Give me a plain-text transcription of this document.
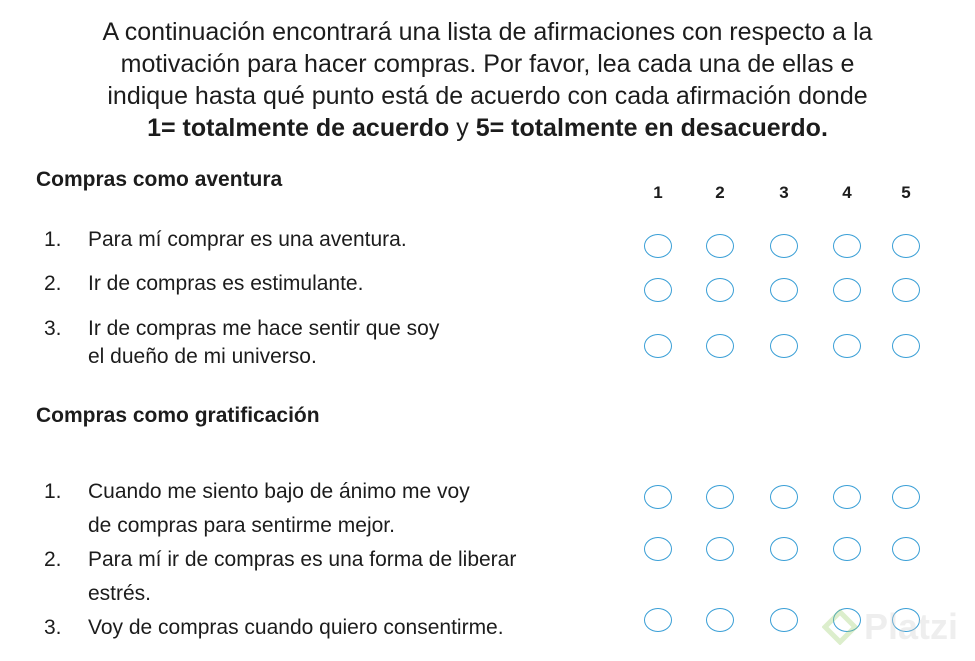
A continuación encontrará una lista de afirmaciones con respecto a la
motivación para hacer compras. Por favor, lea cada una de ellas e
indique hasta qué punto está de acuerdo con cada afirmación donde
1= totalmente de acuerdo y 5= totalmente en desacuerdo.
Compras como aventura
1	2	3	4	5
1.	Para mí comprar es una aventura.
2.	Ir de compras es estimulante.
3.	Ir de compras me hace sentir que soy
el dueño de mi universo.
Compras como gratificación
1.	Cuando me siento bajo de ánimo me voy
de compras para sentirme mejor.
2.	Para mí ir de compras es una forma de liberar
estrés.
3.	Voy de compras cuando quiero consentirme.	Platzi
